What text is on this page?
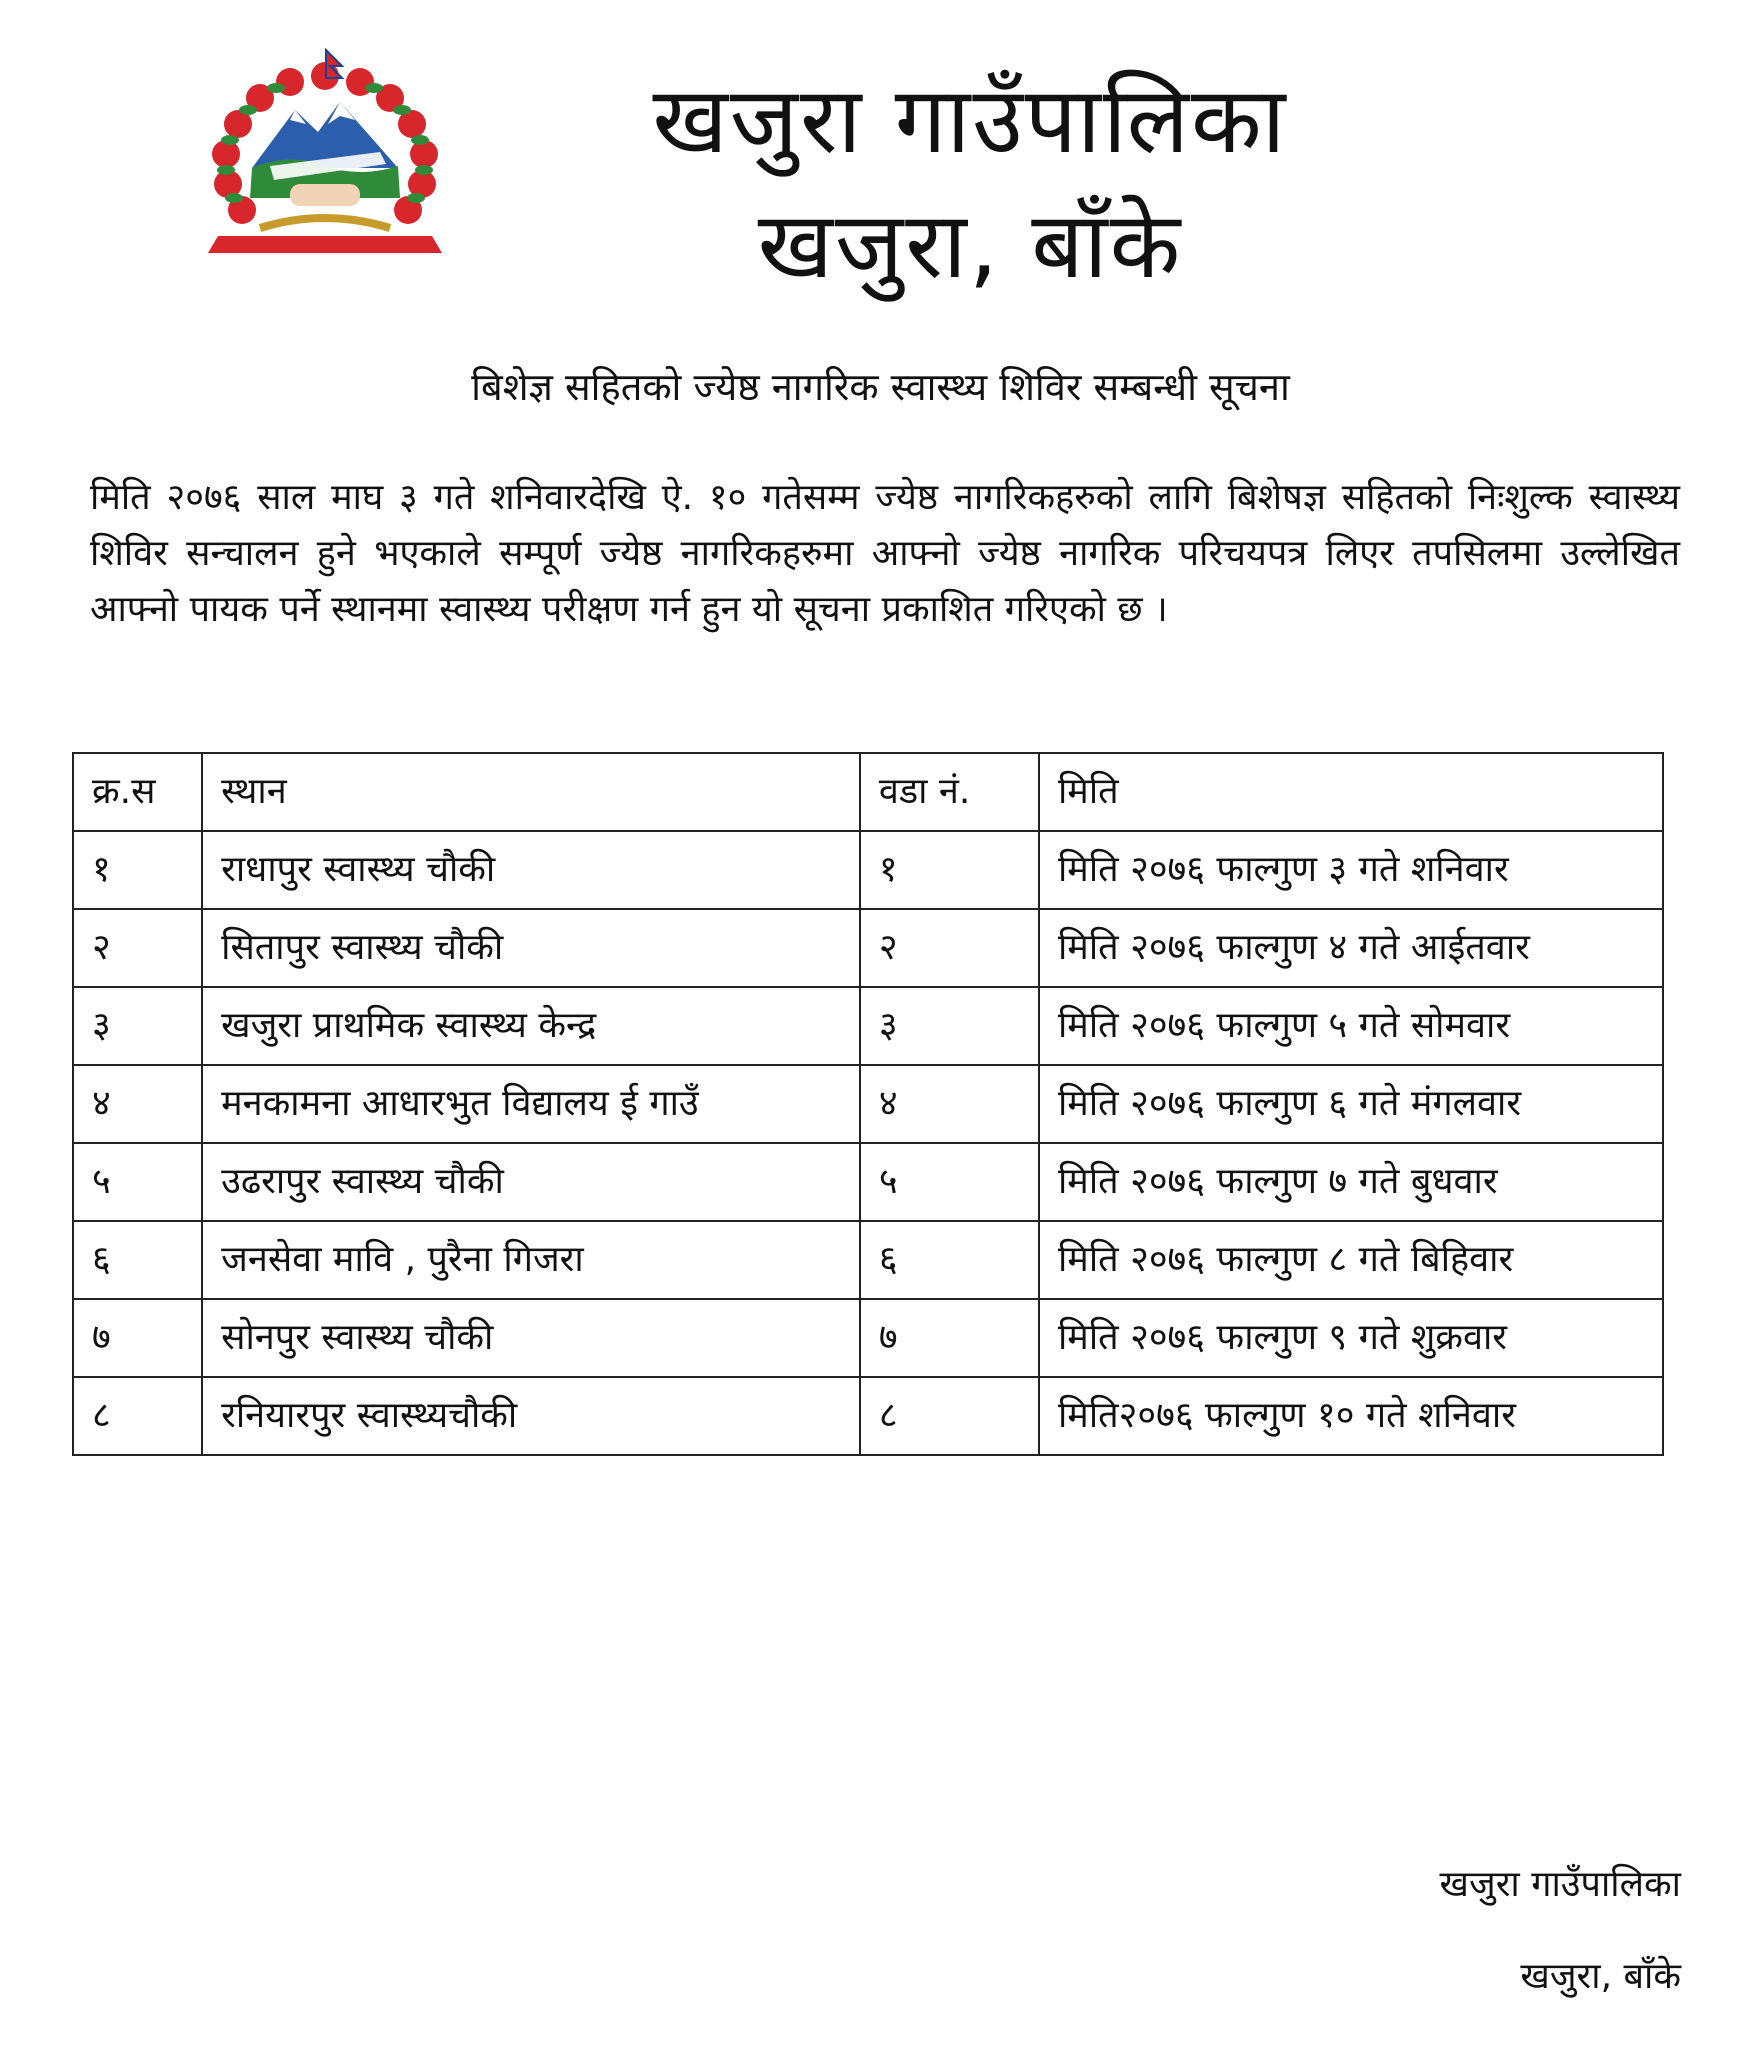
खजुरा गाउँपालिका
खजुरा, बाँके
बिशेज्ञ सहितको ज्येष्ठ नागरिक स्वास्थ्य शिविर सम्बन्धी सूचना

मिति २०७६ साल माघ ३ गते शनिवारदेखि ऐ. १० गतेसम्म ज्येष्ठ नागरिकहरुको लागि बिशेषज्ञ सहितको निःशुल्क स्वास्थ्य शिविर सन्चालन हुने भएकाले सम्पूर्ण ज्येष्ठ नागरिकहरुमा आफ्नो ज्येष्ठ नागरिक परिचयपत्र लिएर तपसिलमा उल्लेखित आफ्नो पायक पर्ने स्थानमा स्वास्थ्य परीक्षण गर्न हुन यो सूचना प्रकाशित गरिएको छ ।

क्र.स	स्थान	वडा नं.	मिति
१	राधापुर स्वास्थ्य चौकी	१	मिति २०७६ फाल्गुण ३ गते शनिवार
२	सितापुर स्वास्थ्य चौकी	२	मिति २०७६ फाल्गुण ४ गते आईतवार
३	खजुरा प्राथमिक स्वास्थ्य केन्द्र	३	मिति २०७६ फाल्गुण ५ गते सोमवार
४	मनकामना आधारभुत विद्यालय ई गाउँ	४	मिति २०७६ फाल्गुण ६ गते मंगलवार
५	उढरापुर स्वास्थ्य चौकी	५	मिति २०७६ फाल्गुण ७ गते बुधवार
६	जनसेवा मावि , पुरैना गिजरा	६	मिति २०७६ फाल्गुण ८ गते बिहिवार
७	सोनपुर स्वास्थ्य चौकी	७	मिति २०७६ फाल्गुण ९ गते शुक्रवार
८	रनियारपुर स्वास्थ्यचौकी	८	मिति२०७६ फाल्गुण १० गते शनिवार
खजुरा गाउँपालिका
खजुरा, बाँके
